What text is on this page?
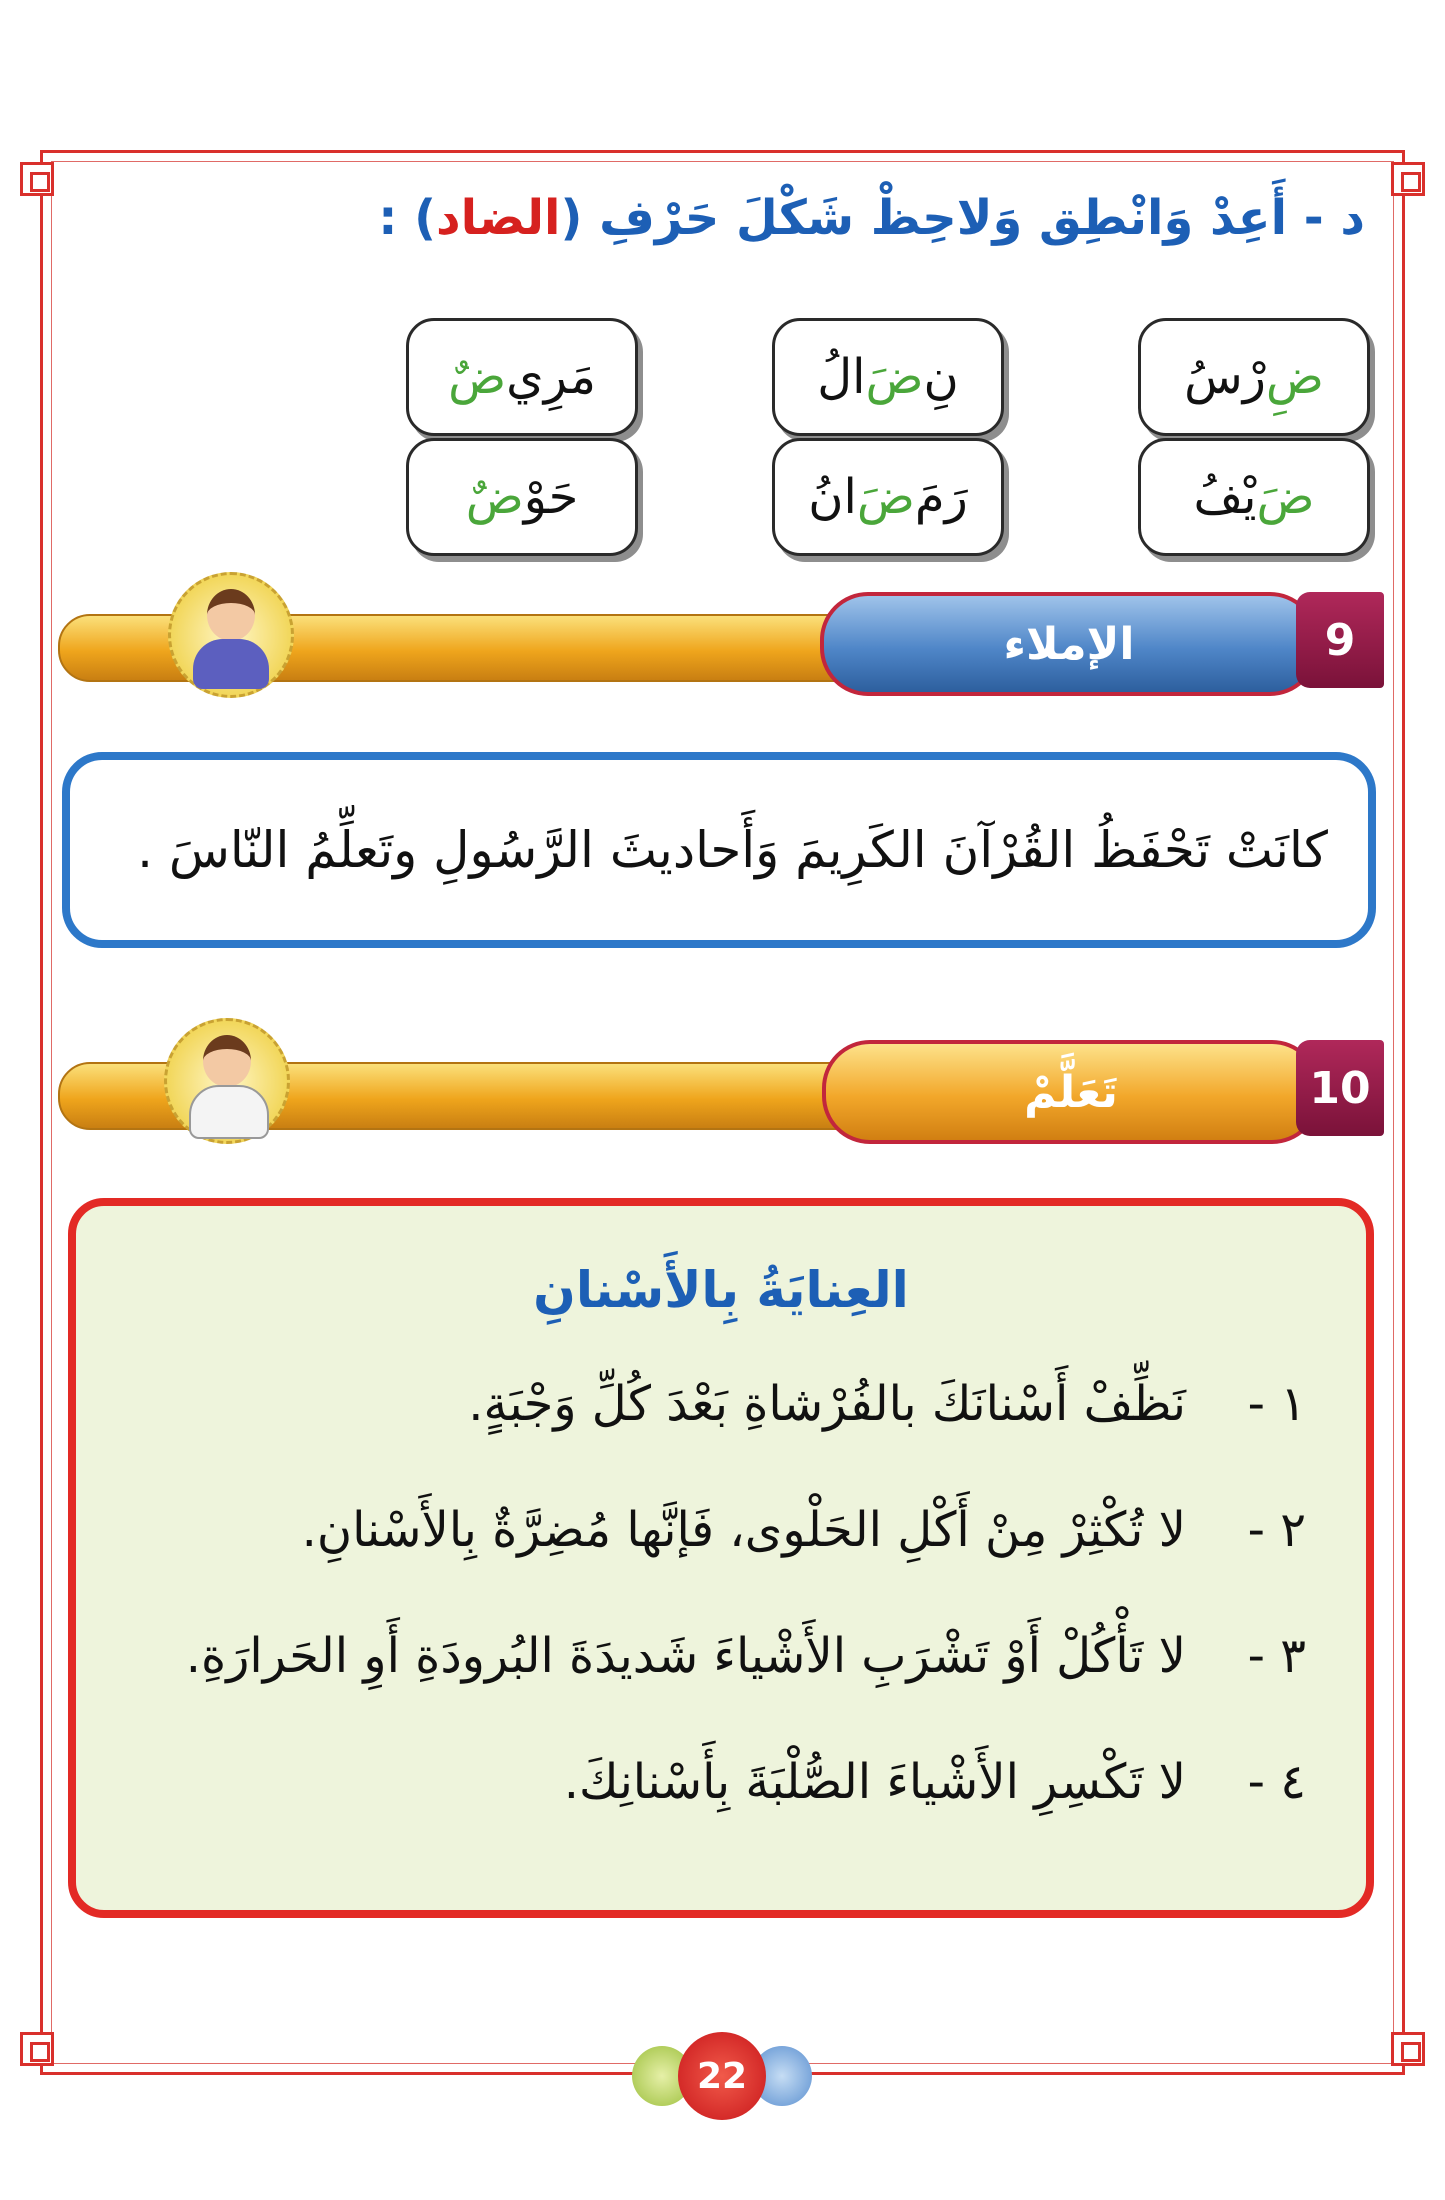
د - أَعِدْ وَانْطِق وَلاحِظْ شَكْلَ حَرْفِ (الضاد) :
ضِ
رْسُ
ضَ
يْفُ
نِ
ضَ
الُ
رَمَ
ضَ
انُ
مَرِي
ضٌ
حَوْ
ضٌ
الإملاء	9
كانَتْ تَحْفَظُ القُرْآنَ الكَرِيمَ وَأَحاديثَ الرَّسُولِ وتَعلِّمُ النّاسَ .
تَعَلَّمْ	10
العِنايَةُ بِالأَسْنانِ
١ -
نَظِّفْ أَسْنانَكَ بالفُرْشاةِ بَعْدَ كُلِّ وَجْبَةٍ.
٢ -
لا تُكْثِرْ مِنْ أَكْلِ الحَلْوى، فَإنَّها مُضِرَّةٌ بِالأَسْنانِ.
٣ -
لا تَأْكُلْ أَوْ تَشْرَبِ الأَشْياءَ شَديدَةَ البُرودَةِ أَوِ الحَرارَةِ.
٤ -
لا تَكْسِرِ الأَشْياءَ الصُّلْبَةَ بِأَسْنانِكَ.
22
